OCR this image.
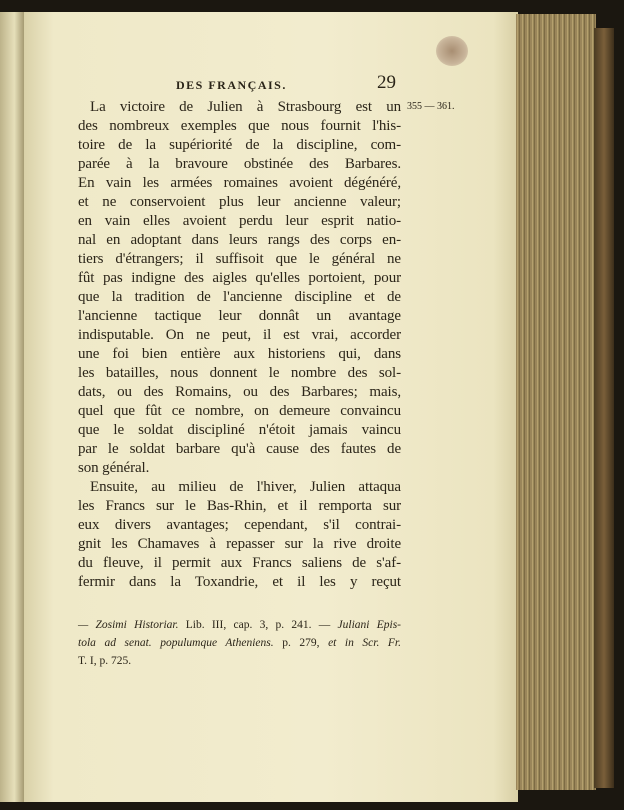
DES FRANÇAIS.	29
355 — 361.
La victoire de Julien à Strasbourg est un
des nombreux exemples que nous fournit l'his-
toire de la supériorité de la discipline, com-
parée à la bravoure obstinée des Barbares.
En vain les armées romaines avoient dégénéré,
et ne conservoient plus leur ancienne valeur;
en vain elles avoient perdu leur esprit natio-
nal en adoptant dans leurs rangs des corps en-
tiers d'étrangers; il suffisoit que le général ne
fût pas indigne des aigles qu'elles portoient, pour
que la tradition de l'ancienne discipline et de
l'ancienne tactique leur donnât un avantage
indisputable. On ne peut, il est vrai, accorder
une foi bien entière aux historiens qui, dans
les batailles, nous donnent le nombre des sol-
dats, ou des Romains, ou des Barbares; mais,
quel que fût ce nombre, on demeure convaincu
que le soldat discipliné n'étoit jamais vaincu
par le soldat barbare qu'à cause des fautes de
son général.
Ensuite, au milieu de l'hiver, Julien attaqua
les Francs sur le Bas-Rhin, et il remporta sur
eux divers avantages; cependant, s'il contrai-
gnit les Chamaves à repasser sur la rive droite
du fleuve, il permit aux Francs saliens de s'af-
fermir dans la Toxandrie, et il les y reçut
— Zosimi Historiar. Lib. III, cap. 3, p. 241. — Juliani Epis-
tola ad senat. populumque Atheniens. p. 279, et in Scr. Fr.
T. I, p. 725.
